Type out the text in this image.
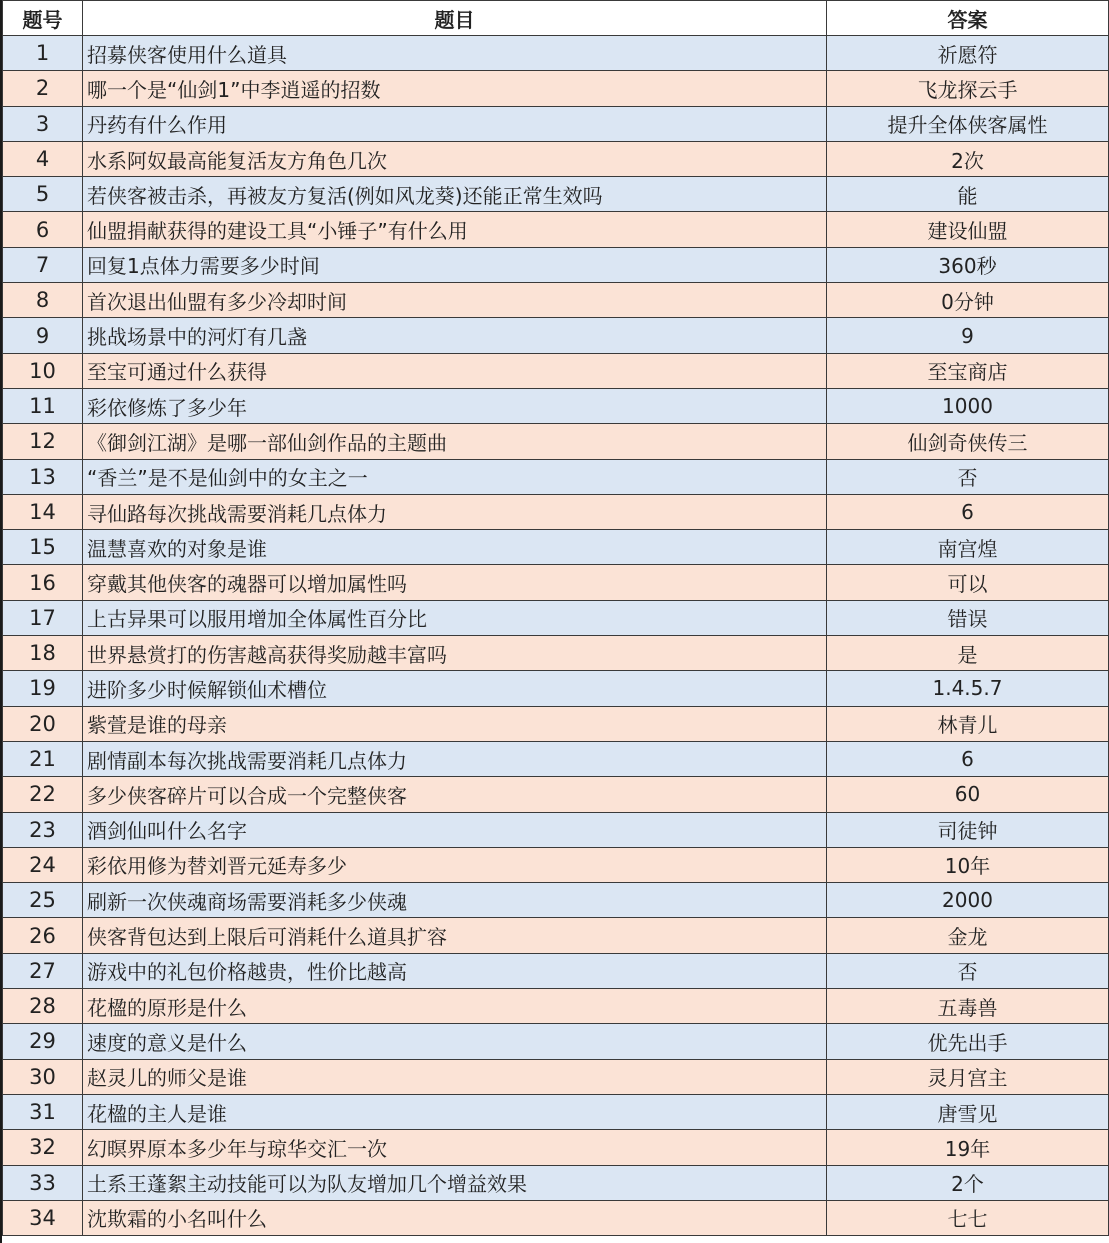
题号	题目	答案
1	招募侠客使用什么道具	祈愿符
2	哪一个是“仙剑1”中李逍遥的招数	飞龙探云手
3	丹药有什么作用	提升全体侠客属性
4	水系阿奴最高能复活友方角色几次	2次
5	若侠客被击杀，再被友方复活(例如风龙葵)还能正常生效吗	能
6	仙盟捐献获得的建设工具“小锤子”有什么用	建设仙盟
7	回复1点体力需要多少时间	360秒
8	首次退出仙盟有多少冷却时间	0分钟
9	挑战场景中的河灯有几盏	9
10	至宝可通过什么获得	至宝商店
11	彩依修炼了多少年	1000
12	《御剑江湖》是哪一部仙剑作品的主题曲	仙剑奇侠传三
13	“香兰”是不是仙剑中的女主之一	否
14	寻仙路每次挑战需要消耗几点体力	6
15	温慧喜欢的对象是谁	南宫煌
16	穿戴其他侠客的魂器可以增加属性吗	可以
17	上古异果可以服用增加全体属性百分比	错误
18	世界悬赏打的伤害越高获得奖励越丰富吗	是
19	进阶多少时候解锁仙术槽位	1.4.5.7
20	紫萱是谁的母亲	林青儿
21	剧情副本每次挑战需要消耗几点体力	6
22	多少侠客碎片可以合成一个完整侠客	60
23	酒剑仙叫什么名字	司徒钟
24	彩依用修为替刘晋元延寿多少	10年
25	刷新一次侠魂商场需要消耗多少侠魂	2000
26	侠客背包达到上限后可消耗什么道具扩容	金龙
27	游戏中的礼包价格越贵，性价比越高	否
28	花楹的原形是什么	五毒兽
29	速度的意义是什么	优先出手
30	赵灵儿的师父是谁	灵月宫主
31	花楹的主人是谁	唐雪见
32	幻暝界原本多少年与琼华交汇一次	19年
33	土系王蓬絮主动技能可以为队友增加几个增益效果	2个
34	沈欺霜的小名叫什么	七七
